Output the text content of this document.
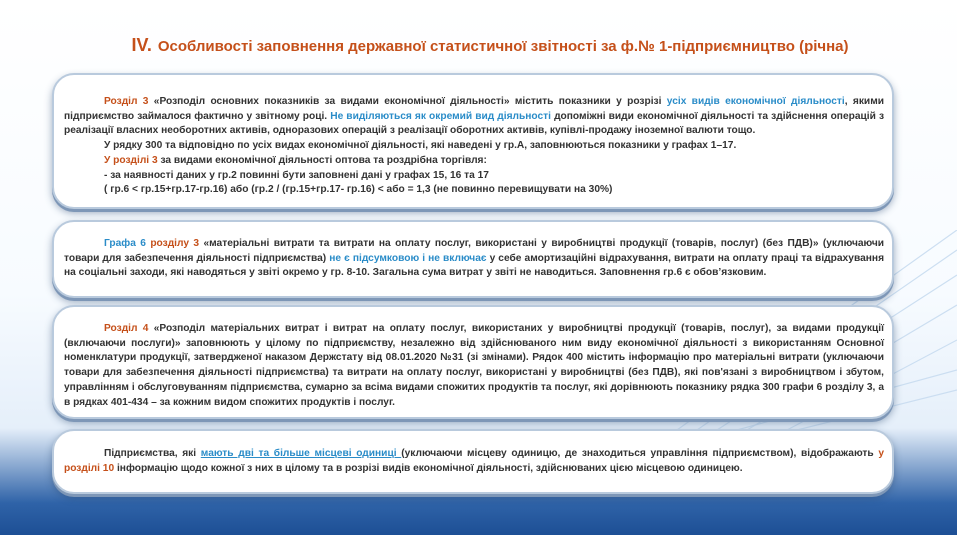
IV. Особливості заповнення державної статистичної звітності за ф.№ 1-підприємництво (річна)

Розділ 3 «Розподіл основних показників за видами економічної діяльності» містить показники у розрізі усіх видів економічної діяльності, якими підприємство займалося фактично у звітному році. Не виділяються як окремий вид діяльності допоміжні види економічної діяльності та здійснення операцій з реалізації власних необоротних активів, одноразових операцій з реалізації оборотних активів, купівлі-продажу іноземної валюти тощо.

У рядку 300 та відповідно по усіх видах економічної діяльності, які наведені у гр.А, заповнюються показники у графах 1–17.

У розділі 3 за видами економічної діяльності оптова та роздрібна торгівля:

- за наявності даних у гр.2 повинні бути заповнені дані у графах 15, 16 та 17

( гр.6 < гр.15+гр.17-гр.16) або (гр.2 / (гр.15+гр.17- гр.16) < або = 1,3 (не повинно перевищувати на 30%)

Графа 6 розділу 3 «матеріальні витрати та витрати на оплату послуг, використані у виробництві продукції (товарів, послуг) (без ПДВ)» (уключаючи товари для забезпечення діяльності підприємства) не є підсумковою і не включає у себе амортизаційні відрахування, витрати на оплату праці та відрахування на соціальні заходи, які наводяться у звіті окремо у гр. 8-10. Загальна сума витрат у звіті не наводиться. Заповнення гр.6 є обов’язковим.

Розділ 4 «Розподіл матеріальних витрат і витрат на оплату послуг, використаних у виробництві продукції (товарів, послуг), за видами продукції (включаючи послуги)» заповнюють у цілому по підприємству, незалежно від здійснюваного ним виду економічної діяльності з використанням Основної номенклатури продукції, затвердженої наказом Держстату від 08.01.2020 №31 (зі змінами). Рядок 400 містить інформацію про матеріальні витрати (уключаючи товари для забезпечення діяльності підприємства) та витрати на оплату послуг, використані у виробництві (без ПДВ), які пов'язані з виробництвом і збутом, управлінням і обслуговуванням підприємства, сумарно за всіма видами спожитих продуктів та послуг, які дорівнюють показнику рядка 300 графи 6 розділу 3, а в рядках 401-434 – за кожним видом спожитих продуктів і послуг.

Підприємства, які мають дві та більше місцеві одиниці (уключаючи місцеву одиницю, де знаходиться управління підприємством), відображають у розділі 10 інформацію щодо кожної з них в цілому та в розрізі видів економічної діяльності, здійснюваних цією місцевою одиницею.
